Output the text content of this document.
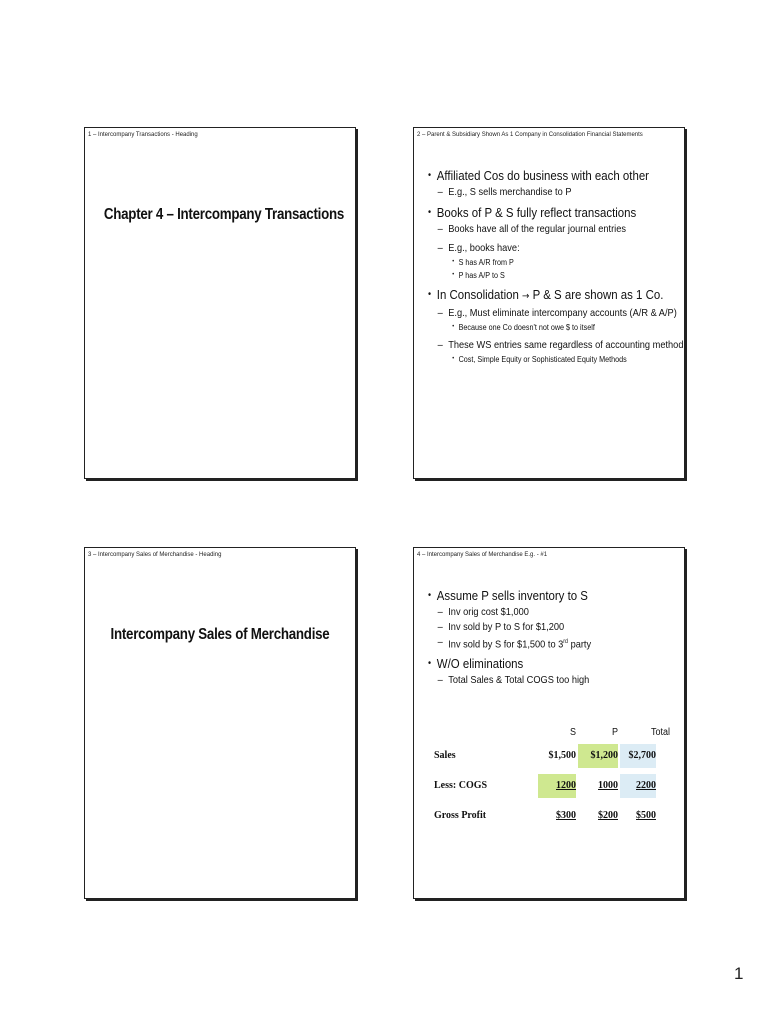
1 – Intercompany Transactions - Heading
Chapter 4 – Intercompany Transactions
2 – Parent & Subsidiary Shown As 1 Company in Consolidation Financial Statements
• Affiliated Cos do business with each other
– E.g., S sells merchandise to P
• Books of P & S fully reflect transactions
– Books have all of the regular journal entries
– E.g., books have:
• S has A/R from P
• P has A/P to S
• In Consolidation → P & S are shown as 1 Co.
– E.g., Must eliminate intercompany accounts (A/R & A/P)
• Because one Co doesn't not owe $ to itself
– These WS entries same regardless of accounting method
• Cost, Simple Equity or Sophisticated Equity Methods
3 – Intercompany Sales of Merchandise - Heading
Intercompany Sales of Merchandise
4 – Intercompany Sales of Merchandise E.g. - #1
• Assume P sells inventory to S
– Inv orig cost $1,000
– Inv sold by P to S for $1,200
– Inv sold by S for $1,500 to 3rd party
• W/O eliminations
– Total Sales & Total COGS too high
S	P	Total
Sales	$1,500	$1,200	$2,700
Less: COGS	1200	1000	2200
Gross Profit	$300	$200	$500
1
